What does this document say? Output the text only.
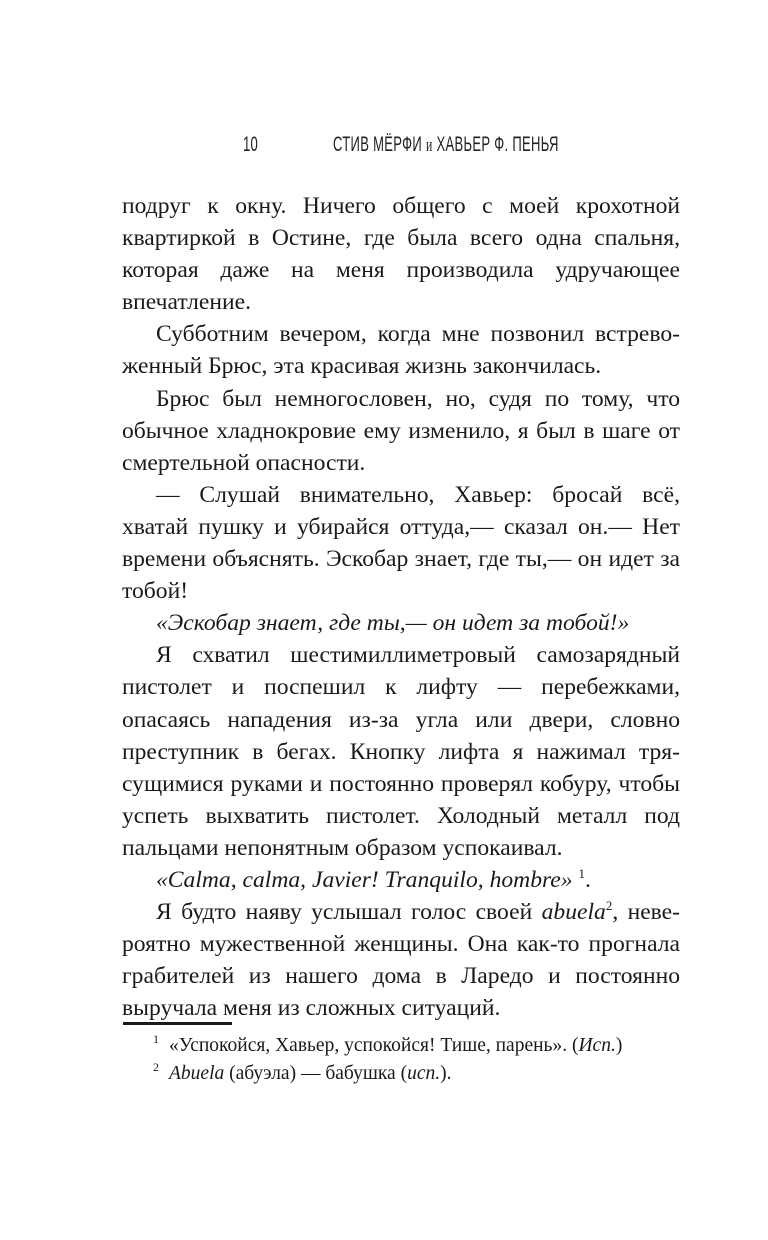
10	СТИВ МЁРФИ и ХАВЬЕР Ф. ПЕНЬЯ

подруг к окну. Ничего общего с моей крохотной квартиркой в Остине, где была всего одна спальня, которая даже на меня производила удручающее впечатление.

Субботним вечером, когда мне позвонил встревоженный Брюс, эта красивая жизнь закончилась.

Брюс был немногословен, но, судя по тому, что обычное хладнокровие ему изменило, я был в шаге от смертельной опасности.

— Слушай внимательно, Хавьер: бросай всё, хватай пушку и убирайся оттуда,— сказал он.— Нет времени объяснять. Эскобар знает, где ты,— он идет за тобой!

«Эскобар знает, где ты,— он идет за тобой!»

Я схватил шестимиллиметровый самозарядный пистолет и поспешил к лифту — перебежками, опасаясь нападения из-за угла или двери, словно преступник в бегах. Кнопку лифта я нажимал трясущимися руками и постоянно проверял кобуру, чтобы успеть выхватить пистолет. Холодный металл под пальцами непонятным образом успокаивал.

«Calma, calma, Javier! Tranquilo, hombre» $^1$.

Я будто наяву услышал голос своей abuela$^2$, невероятно мужественной женщины. Она как-то прогнала грабителей из нашего дома в Ларедо и постоянно выручала меня из сложных ситуаций.

1 «Успокойся, Хавьер, успокойся! Тише, парень». (Исп.)
2 Abuela (абуэла) — бабушка (исп.).
